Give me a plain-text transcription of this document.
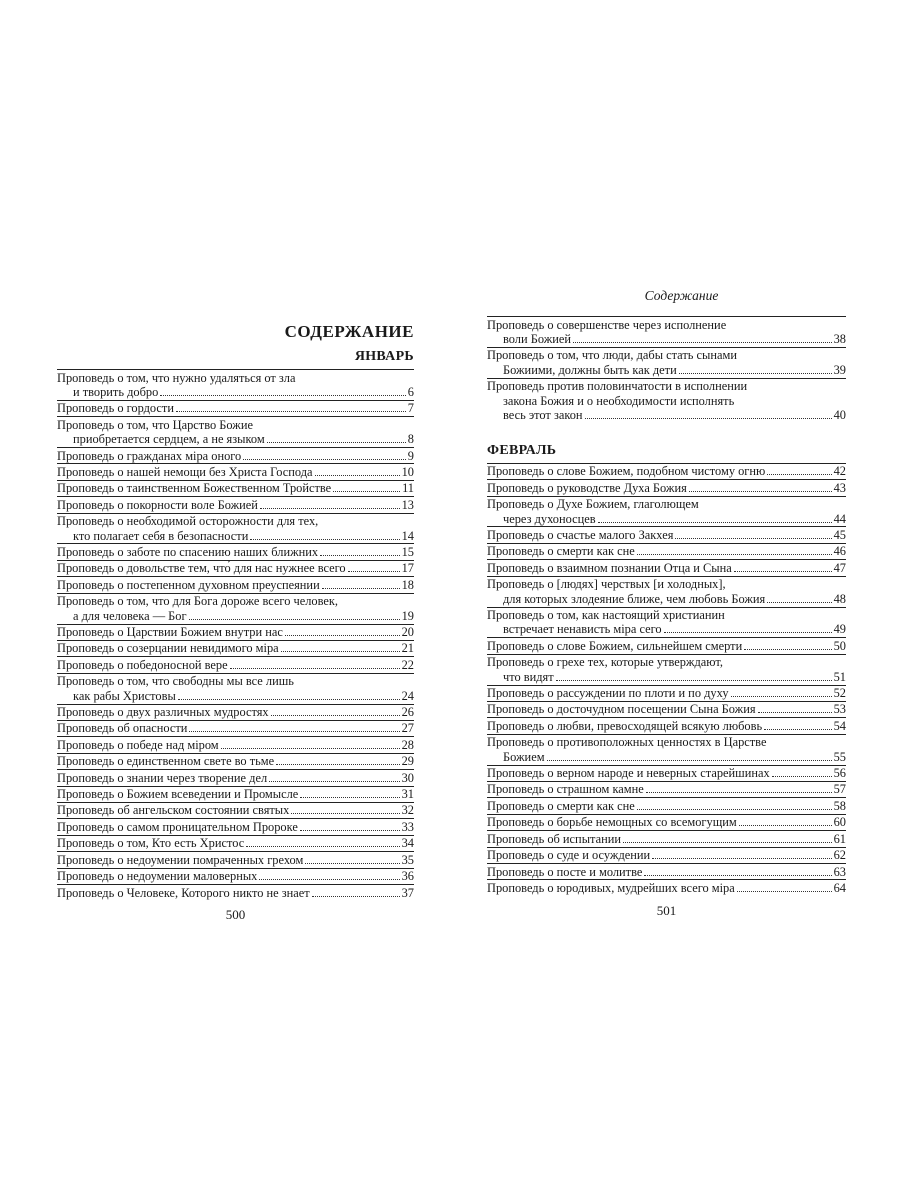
СОДЕРЖАНИЕ
ЯНВАРЬ
Проповедь о том, что нужно удаляться от зла
и творить добро	6
Проповедь о гордости	7
Проповедь о том, что Царство Божие
приобретается сердцем, а не языком	8
Проповедь о гражданах міра оного	9
Проповедь о нашей немощи без Христа Господа	10
Проповедь о таинственном Божественном Тройстве	11
Проповедь о покорности воле Божией	13
Проповедь о необходимой осторожности для тех,
кто полагает себя в безопасности	14
Проповедь о заботе по спасению наших ближних	15
Проповедь о довольстве тем, что́ для нас нужнее всего	17
Проповедь о постепенном духовном преуспеянии	18
Проповедь о том, что для Бога дороже всего человек,
а для человека — Бог	19
Проповедь о Царствии Божием внутри нас	20
Проповедь о созерцании невидимого міра	21
Проповедь о победоносной вере	22
Проповедь о том, что свободны мы все лишь
как рабы Христовы	24
Проповедь о двух различных мудростях	26
Проповедь об опасности	27
Проповедь о победе над міром	28
Проповедь о единственном свете во тьме	29
Проповедь о знании через творение дел	30
Проповедь о Божием всеведении и Промысле	31
Проповедь об ангельском состоянии святых	32
Проповедь о самом проницательном Пророке	33
Проповедь о том, Кто есть Христос	34
Проповедь о недоумении помраченных грехом	35
Проповедь о недоумении маловерных	36
Проповедь о Человеке, Которого никто не знает	37
500
Содержание
Проповедь о совершенстве через исполнение
воли Божией	38
Проповедь о том, что люди, дабы стать сынами
Божиими, должны быть как дети	39
Проповедь против половинчатости в исполнении
закона Божия и о необходимости исполнять
весь этот закон	40
ФЕВРАЛЬ
Проповедь о слове Божием, подобном чистому огню	42
Проповедь о руководстве Духа Божия	43
Проповедь о Духе Божием, глаголющем
через духоносцев	44
Проповедь о счастье малого Закхея	45
Проповедь о смерти как сне	46
Проповедь о взаимном познании Отца и Сына	47
Проповедь о [людях] черствых [и холодных],
для которых злодеяние ближе, чем любовь Божия	48
Проповедь о том, как настоящий христианин
встречает ненависть міра сего	49
Проповедь о слове Божием, сильнейшем смерти	50
Проповедь о грехе тех, которые утверждают,
что видят	51
Проповедь о рассуждении по плоти и по духу	52
Проповедь о досточудном посещении Сына Божия	53
Проповедь о любви, превосходящей всякую любовь	54
Проповедь о противоположных ценностях в Царстве
Божием	55
Проповедь о верном народе и неверных старейшинах	56
Проповедь о страшном камне	57
Проповедь о смерти как сне	58
Проповедь о борьбе немощных со всемогущим	60
Проповедь об испытании	61
Проповедь о суде и осуждении	62
Проповедь о посте и молитве	63
Проповедь о юродивых, мудрейших всего міра	64
501
